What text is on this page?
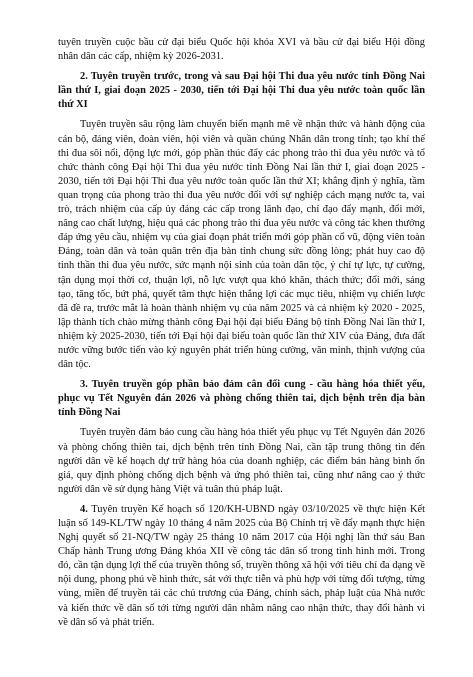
tuyên truyền cuộc bầu cử đại biểu Quốc hội khóa XVI và bầu cử đại biểu Hội đồng nhân dân các cấp, nhiệm kỳ 2026-2031.

2. Tuyên truyền trước, trong và sau Đại hội Thi đua yêu nước tỉnh Đồng Nai lần thứ I, giai đoạn 2025 - 2030, tiến tới Đại hội Thi đua yêu nước toàn quốc lần thứ XI

Tuyên truyền sâu rộng làm chuyển biến mạnh mẽ về nhận thức và hành động của cán bộ, đảng viên, đoàn viên, hội viên và quần chúng Nhân dân trong tỉnh; tạo khí thế thi đua sôi nổi, động lực mới, góp phần thúc đẩy các phong trào thi đua yêu nước và tổ chức thành công Đại hội Thi đua yêu nước tỉnh Đồng Nai lần thứ I, giai đoạn 2025 - 2030, tiến tới Đại hội Thi đua yêu nước toàn quốc lần thứ XI; khẳng định ý nghĩa, tầm quan trọng của phong trào thi đua yêu nước đối với sự nghiệp cách mạng nước ta, vai trò, trách nhiệm của cấp ủy đảng các cấp trong lãnh đạo, chỉ đạo đẩy mạnh, đổi mới, nâng cao chất lượng, hiệu quả các phong trào thi đua yêu nước và công tác khen thưởng đáp ứng yêu cầu, nhiệm vụ của giai đoạn phát triển mới góp phần cổ vũ, động viên toàn Đảng, toàn dân và toàn quân trên địa bàn tỉnh chung sức đồng lòng; phát huy cao độ tinh thần thi đua yêu nước, sức mạnh nội sinh của toàn dân tộc, ý chí tự lực, tự cường, tận dụng mọi thời cơ, thuận lợi, nỗ lực vượt qua khó khăn, thách thức; đổi mới, sáng tạo, tăng tốc, bứt phá, quyết tâm thực hiện thắng lợi các mục tiêu, nhiệm vụ chiến lược đã đề ra, trước mắt là hoàn thành nhiệm vụ của năm 2025 và cả nhiệm kỳ 2020 - 2025, lập thành tích chào mừng thành công Đại hội đại biểu Đảng bộ tỉnh Đồng Nai lần thứ I, nhiệm kỳ 2025-2030, tiến tới Đại hội đại biểu toàn quốc lần thứ XIV của Đảng, đưa đất nước vững bước tiến vào kỷ nguyên phát triển hùng cường, văn minh, thịnh vượng của dân tộc.

3. Tuyên truyền góp phần bảo đảm cân đối cung - cầu hàng hóa thiết yếu, phục vụ Tết Nguyên đán 2026 và phòng chống thiên tai, dịch bệnh trên địa bàn tỉnh Đồng Nai

Tuyên truyền đảm bảo cung cầu hàng hóa thiết yếu phục vụ Tết Nguyên đán 2026 và phòng chống thiên tai, dịch bệnh trên tỉnh Đồng Nai, cần tập trung thông tin đến người dân về kế hoạch dự trữ hàng hóa của doanh nghiệp, các điểm bán hàng bình ổn giá, quy định phòng chống dịch bệnh và ứng phó thiên tai, cũng như nâng cao ý thức người dân về sử dụng hàng Việt và tuân thủ pháp luật.

4. Tuyên truyền Kế hoạch số 120/KH-UBND ngày 03/10/2025 về thực hiện Kết luận số 149-KL/TW ngày 10 tháng 4 năm 2025 của Bộ Chính trị về đẩy mạnh thực hiện Nghị quyết số 21-NQ/TW ngày 25 tháng 10 năm 2017 của Hội nghị lần thứ sáu Ban Chấp hành Trung ương Đảng khóa XII về công tác dân số trong tình hình mới. Trong đó, cần tận dụng lợi thế của truyền thông số, truyền thông xã hội với tiêu chí đa dạng về nội dung, phong phú về hình thức, sát với thực tiễn và phù hợp với từng đối tượng, từng vùng, miền để truyền tải các chủ trương của Đảng, chính sách, pháp luật của Nhà nước và kiến thức về dân số tới từng người dân nhằm nâng cao nhận thức, thay đổi hành vi về dân số và phát triển.
